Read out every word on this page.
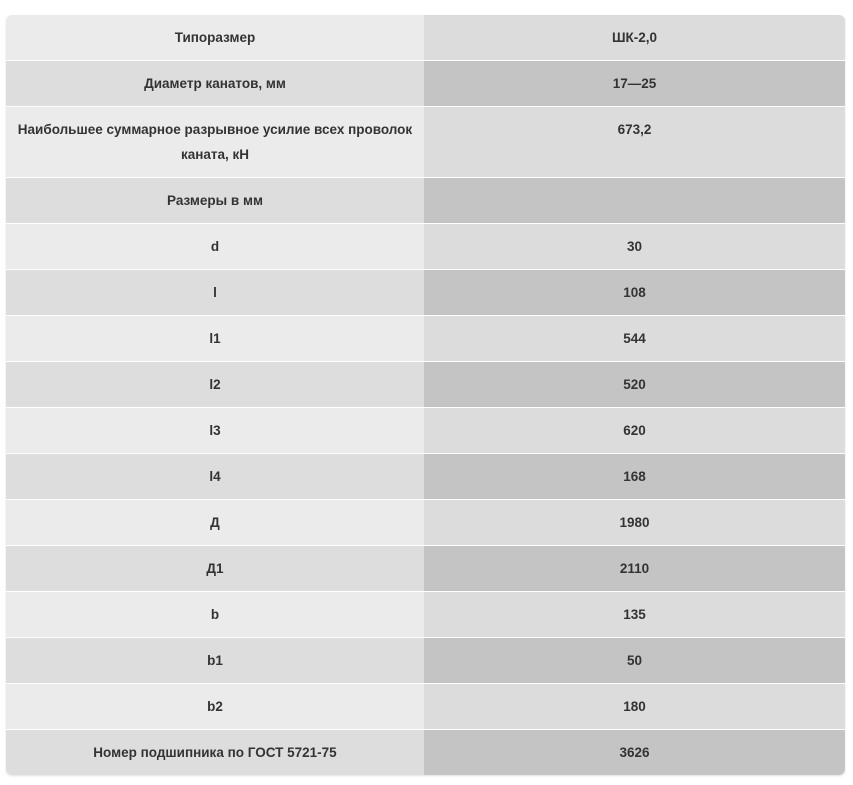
Типоразмер	ШК-2,0
Диаметр канатов, мм	17—25
Наибольшее суммарное разрывное усилие всех проволок каната, кН	673,2
Размеры в мм	
d	30
l	108
l1	544
l2	520
l3	620
l4	168
Д	1980
Д1	2110
b	135
b1	50
b2	180
Номер подшипника по ГОСТ 5721-75	3626
